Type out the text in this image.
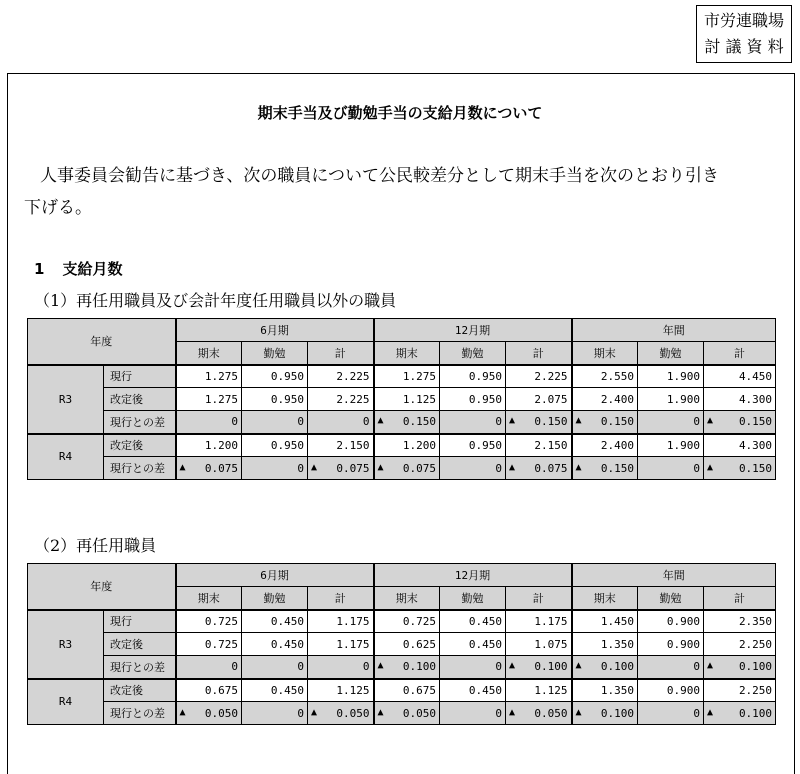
市労連職場
討 議 資 料
期末手当及び勤勉手当の支給月数について
人事委員会勧告に基づき、次の職員について公民較差分として期末手当を次のとおり引き
下げる。
1 支給月数
（1）再任用職員及び会計年度任用職員以外の職員
（2）再任用職員
年度		6月期			12月期			年間		
		期末	勤勉	計	期末	勤勉	計	期末	勤勉	計
R3	現行	1.275	0.950	2.225	1.275	0.950	2.225	2.550	1.900	4.450
	改定後	1.275	0.950	2.225	1.125	0.950	2.075	2.400	1.900	4.300
	現行との差	0	0	0	▲ 0.150	0	▲ 0.150	▲ 0.150	0	▲ 0.150

R4	改定後	1.200	0.950	2.150	1.200	0.950	2.150	2.400	1.900	4.300
	現行との差	▲ 0.075	0	▲ 0.075	▲ 0.075	0	▲ 0.075	▲ 0.150	0	▲ 0.150
年度		6月期			12月期			年間		
		期末	勤勉	計	期末	勤勉	計	期末	勤勉	計
R3	現行	0.725	0.450	1.175	0.725	0.450	1.175	1.450	0.900	2.350
	改定後	0.725	0.450	1.175	0.625	0.450	1.075	1.350	0.900	2.250
	現行との差	0	0	0	▲ 0.100	0	▲ 0.100	▲ 0.100	0	▲ 0.100

R4	改定後	0.675	0.450	1.125	0.675	0.450	1.125	1.350	0.900	2.250
	現行との差	▲ 0.050	0	▲ 0.050	▲ 0.050	0	▲ 0.050	▲ 0.100	0	▲ 0.100
